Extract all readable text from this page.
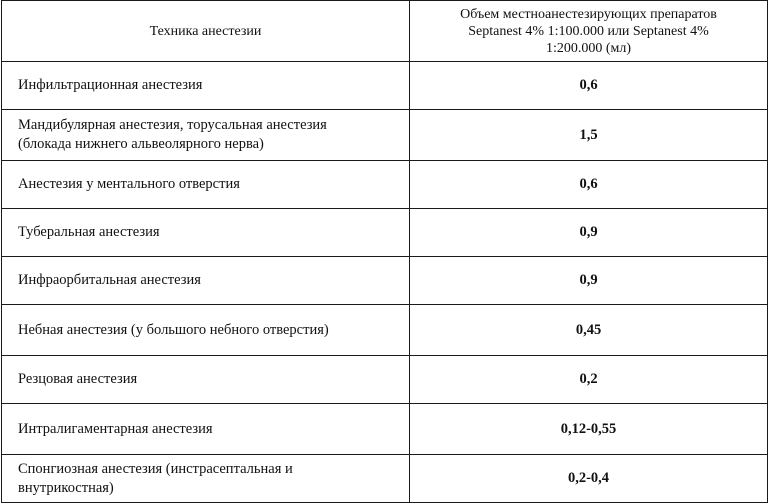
Техника анестезии	Объем местноанестезирующих препаратов
Septanest 4% 1:100.000 или Septanest 4%
1:200.000 (мл)
Инфильтрационная анестезия	0,6
Мандибулярная анестезия, торусальная анестезия
(блокада нижнего альвеолярного нерва)	1,5
Анестезия у ментального отверстия	0,6
Туберальная анестезия	0,9
Инфраорбитальная анестезия	0,9
Небная анестезия (у большого небного отверстия)	0,45
Резцовая анестезия	0,2
Интралигаментарная анестезия	0,12-0,55
Спонгиозная анестезия (инстрасептальная и
внутрикостная)	0,2-0,4
